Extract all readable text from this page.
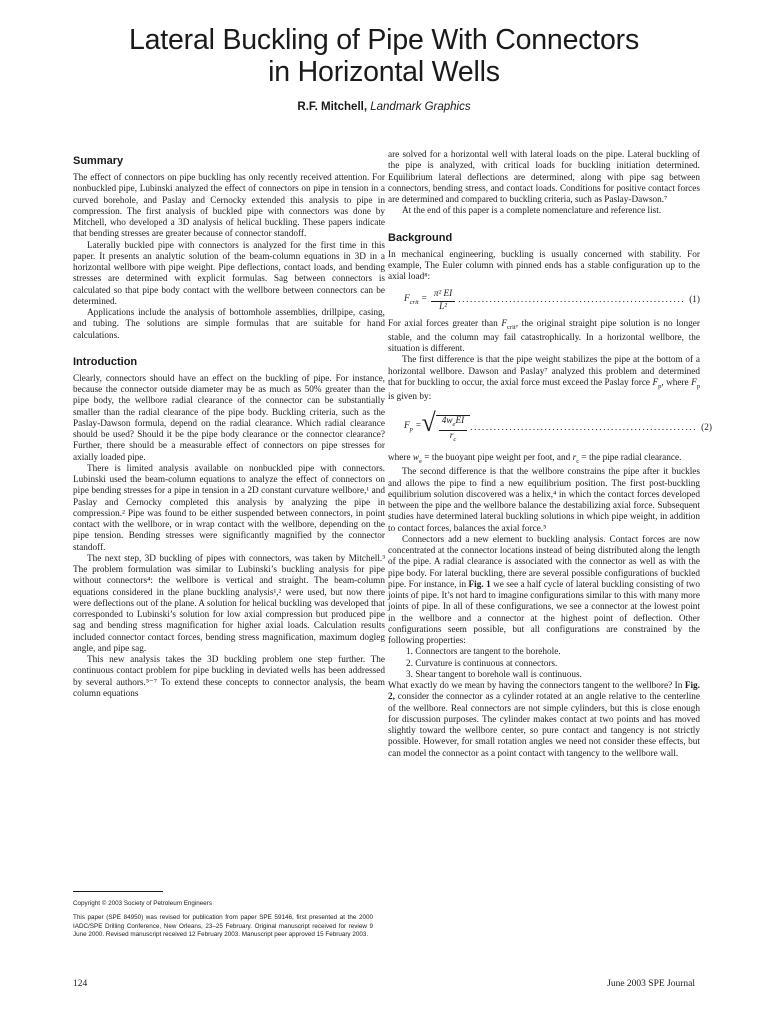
Lateral Buckling of Pipe With Connectors
in Horizontal Wells
R.F. Mitchell, Landmark Graphics
Summary

The effect of connectors on pipe buckling has only recently received attention. For nonbuckled pipe, Lubinski analyzed the effect of connectors on pipe in tension in a curved borehole, and Paslay and Cernocky extended this analysis to pipe in compression. The first analysis of buckled pipe with connectors was done by Mitchell, who developed a 3D analysis of helical buckling. These papers indicate that bending stresses are greater because of connector standoff.

Laterally buckled pipe with connectors is analyzed for the first time in this paper. It presents an analytic solution of the beam-column equations in 3D in a horizontal wellbore with pipe weight. Pipe deflections, contact loads, and bending stresses are determined with explicit formulas. Sag between connectors is calculated so that pipe body contact with the wellbore between connectors can be determined.

Applications include the analysis of bottomhole assemblies, drillpipe, casing, and tubing. The solutions are simple formulas that are suitable for hand calculations.

Introduction

Clearly, connectors should have an effect on the buckling of pipe. For instance, because the connector outside diameter may be as much as 50% greater than the pipe body, the wellbore radial clearance of the connector can be substantially smaller than the radial clearance of the pipe body. Buckling criteria, such as the Paslay-Dawson formula, depend on the radial clearance. Which radial clearance should be used? Should it be the pipe body clearance or the connector clearance? Further, there should be a measurable effect of connectors on pipe stresses for axially loaded pipe.

There is limited analysis available on nonbuckled pipe with connectors. Lubinski used the beam-column equations to analyze the effect of connectors on pipe bending stresses for a pipe in tension in a 2D constant curvature wellbore,¹ and Paslay and Cernocky completed this analysis by analyzing the pipe in compression.² Pipe was found to be either suspended between connectors, in point contact with the wellbore, or in wrap contact with the wellbore, depending on the pipe tension. Bending stresses were significantly magnified by the connector standoff.

The next step, 3D buckling of pipes with connectors, was taken by Mitchell.³ The problem formulation was similar to Lubinski’s buckling analysis for pipe without connectors⁴: the wellbore is vertical and straight. The beam-column equations considered in the plane buckling analysis¹,² were used, but now there were deflections out of the plane. A solution for helical buckling was developed that corresponded to Lubinski’s solution for low axial compression but produced pipe sag and bending stress magnification for higher axial loads. Calculation results included connector contact forces, bending stress magnification, maximum dogleg angle, and pipe sag.

This new analysis takes the 3D buckling problem one step further. The continuous contact problem for pipe buckling in deviated wells has been addressed by several authors.⁵⁻⁷ To extend these concepts to connector analysis, the beam column equations

are solved for a horizontal well with lateral loads on the pipe. Lateral buckling of the pipe is analyzed, with critical loads for buckling initiation determined. Equilibrium lateral deflections are determined, along with pipe sag between connectors, bending stress, and contact loads. Conditions for positive contact forces are determined and compared to buckling criteria, such as Paslay-Dawson.⁷

At the end of this paper is a complete nomenclature and reference list.

Background

In mechanical engineering, buckling is usually concerned with stability. For example, The Euler column with pinned ends has a stable configuration up to the axial load⁸:

$F_{crit} = \frac{\text{π² EI}}{\text{L²}}$ .......................................................... (1)

For axial forces greater than $F_{crit}$, the original straight pipe solution is no longer stable, and the column may fail catastrophically. In a horizontal wellbore, the situation is different.

The first difference is that the pipe weight stabilizes the pipe at the bottom of a horizontal wellbore. Dawson and Paslay⁷ analyzed this problem and determined that for buckling to occur, the axial force must exceed the Paslay force $F_p$, where $F_p$ is given by:

$F_p$ = √ $\frac{4w_eEI}{r_c}$ .......................................................... (2)

where $w_e$ = the buoyant pipe weight per foot, and $r_c$ = the pipe radial clearance.

The second difference is that the wellbore constrains the pipe after it buckles and allows the pipe to find a new equilibrium position. The first post-buckling equilibrium solution discovered was a helix,⁴ in which the contact forces developed between the pipe and the wellbore balance the destabilizing axial force. Subsequent studies have determined lateral buckling solutions in which pipe weight, in addition to contact forces, balances the axial force.⁵

Connectors add a new element to buckling analysis. Contact forces are now concentrated at the connector locations instead of being distributed along the length of the pipe. A radial clearance is associated with the connector as well as with the pipe body. For lateral buckling, there are several possible configurations of buckled pipe. For instance, in Fig. 1 we see a half cycle of lateral buckling consisting of two joints of pipe. It’s not hard to imagine configurations similar to this with many more joints of pipe. In all of these configurations, we see a connector at the lowest point in the wellbore and a connector at the highest point of deflection. Other configurations seem possible, but all configurations are constrained by the following properties:

1. Connectors are tangent to the borehole.
2. Curvature is continuous at connectors.
3. Shear tangent to borehole wall is continuous.

What exactly do we mean by having the connectors tangent to the wellbore? In Fig. 2, consider the connector as a cylinder rotated at an angle relative to the centerline of the wellbore. Real connectors are not simple cylinders, but this is close enough for discussion purposes. The cylinder makes contact at two points and has moved slightly toward the wellbore center, so pure contact and tangency is not strictly possible. However, for small rotation angles we need not consider these effects, but can model the connector as a point contact with tangency to the wellbore wall.

Copyright © 2003 Society of Petroleum Engineers

This paper (SPE 84950) was revised for publication from paper SPE 59146, first presented at the 2000 IADC/SPE Drilling Conference, New Orleans, 23–25 February. Original manuscript received for review 9 June 2000. Revised manuscript received 12 February 2003. Manuscript peer approved 15 February 2003.

124	June 2003 SPE Journal
